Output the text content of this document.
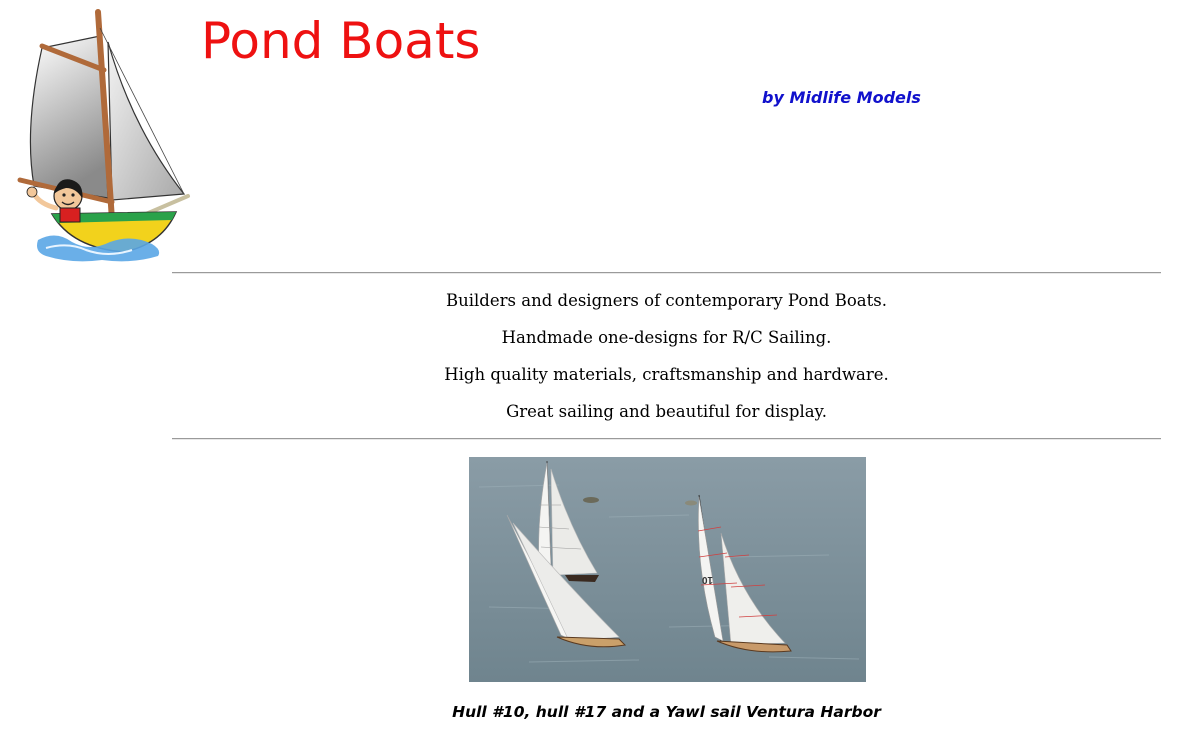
Pond Boats
by Midlife Models

Builders and designers of contemporary Pond Boats.

Handmade one-designs for R/C Sailing.

High quality materials, craftsmanship and hardware.

Great sailing and beautiful for display.

10
Hull #10, hull #17 and a Yawl sail Ventura Harbor
